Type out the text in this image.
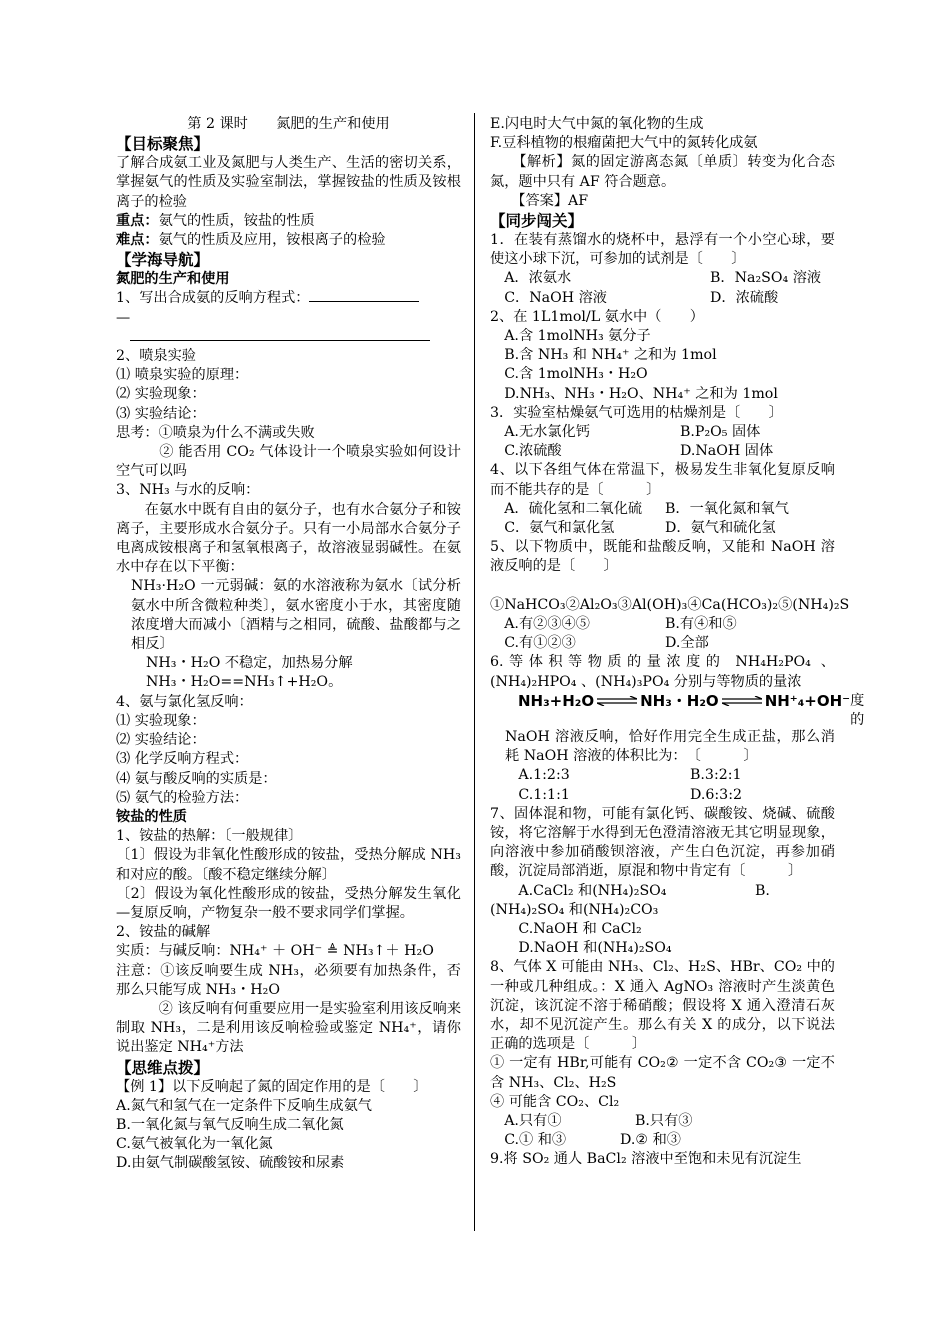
第 2 课时　　氮肥的生产和使用
【目标聚焦】
了解合成氨工业及氮肥与人类生产、生活的密切关系，掌握氨气的性质及实验室制法，掌握铵盐的性质及铵根离子的检验
重点：氨气的性质，铵盐的性质
难点：氨气的性质及应用，铵根离子的检验
【学海导航】
氮肥的生产和使用
1、写出合成氨的反响方程式：
—
2、喷泉实验
⑴ 喷泉实验的原理：
⑵ 实验现象：
⑶ 实验结论：
思考：①喷泉为什么不满或失败
　　　② 能否用 CO₂ 气体设计一个喷泉实验如何设计空气可以吗
3、NH₃ 与水的反响：
　　在氨水中既有自由的氨分子，也有水合氨分子和铵离子，主要形成水合氨分子。只有一小局部水合氨分子电离成铵根离子和氢氧根离子，故溶液显弱碱性。在氨水中存在以下平衡：
NH₃·H₂O 一元弱碱：氨的水溶液称为氨水〔试分析氨水中所含微粒种类〕，氨水密度小于水，其密度随浓度增大而减小〔酒精与之相同，硫酸、盐酸都与之相反〕
NH₃・H₂O 不稳定，加热易分解
NH₃・H₂O==NH₃↑+H₂O。
4、氨与氯化氢反响：
⑴ 实验现象：
⑵ 实验结论：
⑶ 化学反响方程式：
⑷ 氨与酸反响的实质是：
⑸ 氨气的检验方法：
铵盐的性质
1、铵盐的热解：〔一般规律〕
〔1〕假设为非氧化性酸形成的铵盐，受热分解成 NH₃ 和对应的酸。〔酸不稳定继续分解〕
〔2〕假设为氧化性酸形成的铵盐，受热分解发生氧化—复原反响，产物复杂一般不要求同学们掌握。
2、铵盐的碱解
实质：与碱反响：NH₄⁺ ＋ OH⁻ ≜ NH₃↑＋ H₂O
注意：①该反响要生成 NH₃，必须要有加热条件，否那么只能写成 NH₃・H₂O
　　　② 该反响有何重要应用一是实验室利用该反响来制取 NH₃，二是利用该反响检验或鉴定 NH₄⁺，请你说出鉴定 NH₄⁺方法
【思维点拨】
【例 1】以下反响起了氮的固定作用的是〔　　〕
A.氮气和氢气在一定条件下反响生成氨气
B.一氧化氮与氧气反响生成二氧化氮
C.氨气被氧化为一氧化氮
D.由氨气制碳酸氢铵、硫酸铵和尿素
E.闪电时大气中氮的氧化物的生成
F.豆科植物的根瘤菌把大气中的氮转化成氨
　　【解析】氮的固定游离态氮〔单质〕转变为化合态氮，题中只有 AF 符合题意。
　　【答案】AF
【同步闯关】
1．在装有蒸馏水的烧杯中，悬浮有一个小空心球，要使这小球下沉，可参加的试剂是〔　　〕
　A．浓氨水	B．Na₂SO₄ 溶液
　C．NaOH 溶液	D．浓硫酸
2、在 1L1mol/L 氨水中（　　）
　A.含 1molNH₃ 氨分子
　B.含 NH₃ 和 NH₄⁺ 之和为 1mol
　C.含 1molNH₃・H₂O
　D.NH₃、NH₃・H₂O、NH₄⁺ 之和为 1mol
3．实验室枯燥氨气可选用的枯燥剂是〔　　〕
　A.无水氯化钙	B.P₂O₅ 固体
　C.浓硫酸	D.NaOH 固体
4、以下各组气体在常温下，极易发生非氧化复原反响而不能共存的是〔　　　〕
　A．硫化氢和二氧化硫	B．一氧化氮和氧气
　C．氨气和氯化氢	D．氨气和硫化氢
5、以下物质中，既能和盐酸反响，又能和 NaOH 溶液反响的是〔　　〕
　①NaHCO₃②Al₂O₃③Al(OH)₃④Ca(HCO₃)₂⑤(NH₄)₂S
　A.有②③④⑤	B.有④和⑤
　C.有①②③	D.全部
6.等体积等物质的量浓度的 NH₄H₂PO₄ 、(NH₄)₂HPO₄ 、(NH₄)₃PO₄ 分别与等物质的量浓
NH₃+H₂O ⇌ NH₃・H₂O ⇌ NH⁺₄+OH⁻ 度的
NaOH 溶液反响，恰好作用完全生成正盐，那么消耗 NaOH 溶液的体积比为：　〔　　　〕
　　A.1:2:3	B.3:2:1
　　C.1:1:1	D.6:3:2
7、固体混和物，可能有氯化钙、碳酸铵、烧碱、硫酸铵，将它溶解于水得到无色澄清溶液无其它明显现象，向溶液中参加硝酸钡溶液，产生白色沉淀，再参加硝酸，沉淀局部消逝，原混和物中肯定有〔　　　〕
　　A.CaCl₂ 和(NH₄)₂SO₄	B.
(NH₄)₂SO₄ 和(NH₄)₂CO₃
　　C.NaOH 和 CaCl₂
　　D.NaOH 和(NH₄)₂SO₄
8、气体 X 可能由 NH₃、Cl₂、H₂S、HBr、CO₂ 中的一种或几种组成。：X 通入 AgNO₃ 溶液时产生淡黄色沉淀，该沉淀不溶于稀硝酸；假设将 X 通入澄清石灰水，却不见沉淀产生。那么有关 X 的成分，以下说法正确的选项是〔　　　〕
① 一定有 HBr,可能有 CO₂② 一定不含 CO₂③ 一定不含 NH₃、Cl₂、H₂S
④ 可能含 CO₂、Cl₂
　A.只有①	B.只有③
　C.① 和③	D.② 和③
9.将 SO₂ 通人 BaCl₂ 溶液中至饱和未见有沉淀生
